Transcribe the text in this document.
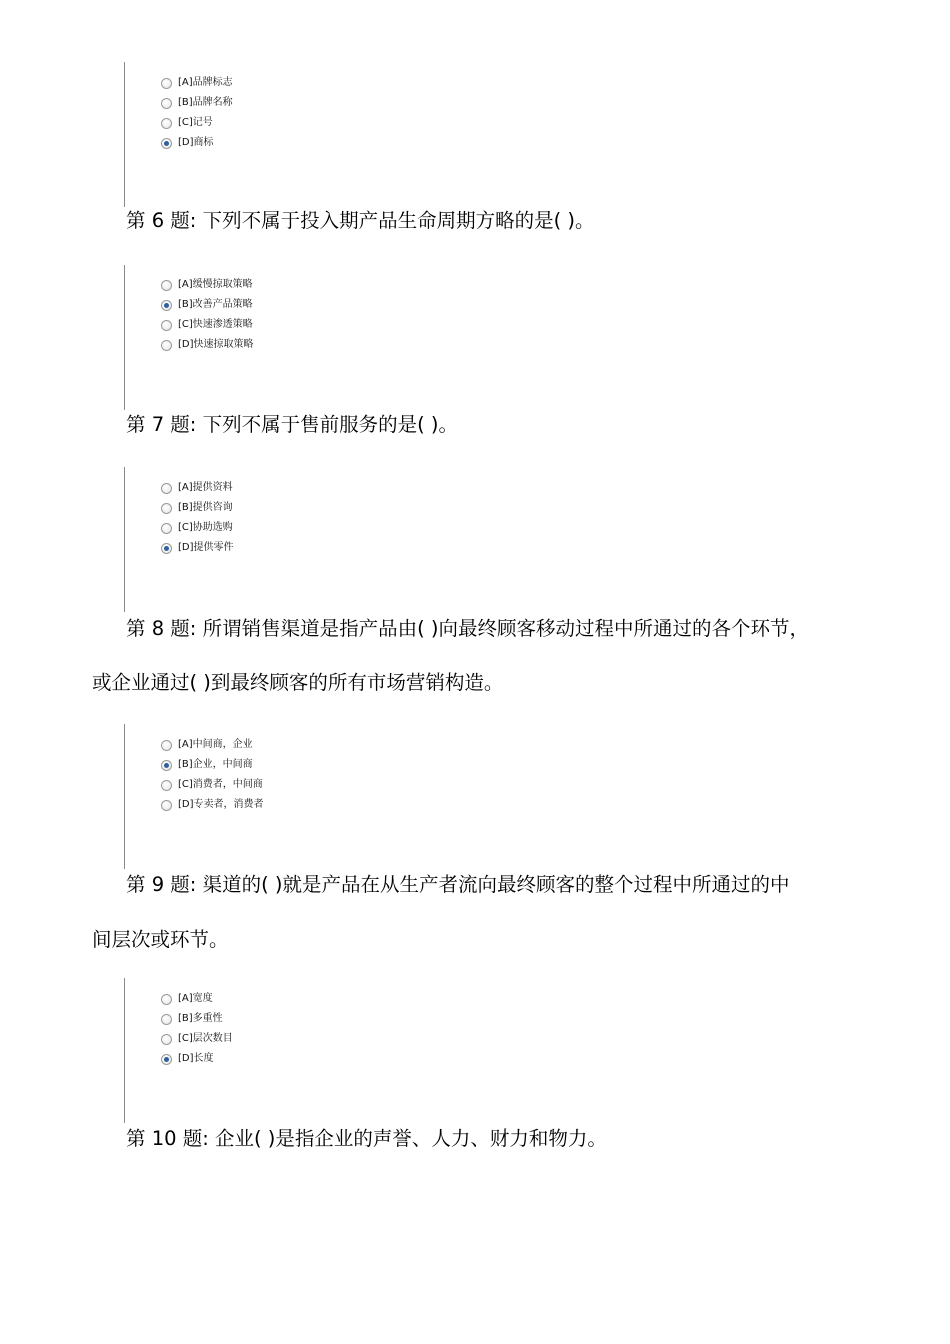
[A]品牌标志
[B]品牌名称
[C]记号
[D]商标
第 6 题: 下列不属于投入期产品生命周期方略的是( )。
[A]缓慢掠取策略
[B]改善产品策略
[C]快速渗透策略
[D]快速掠取策略
第 7 题: 下列不属于售前服务的是( )。
[A]提供资料
[B]提供咨询
[C]协助选购
[D]提供零件
第 8 题: 所谓销售渠道是指产品由( )向最终顾客移动过程中所通过的各个环节，
或企业通过( )到最终顾客的所有市场营销构造。
[A]中间商，企业
[B]企业，中间商
[C]消费者，中间商
[D]专卖者，消费者
第 9 题: 渠道的( )就是产品在从生产者流向最终顾客的整个过程中所通过的中
间层次或环节。
[A]宽度
[B]多重性
[C]层次数目
[D]长度
第 10 题: 企业( )是指企业的声誉、人力、财力和物力。
